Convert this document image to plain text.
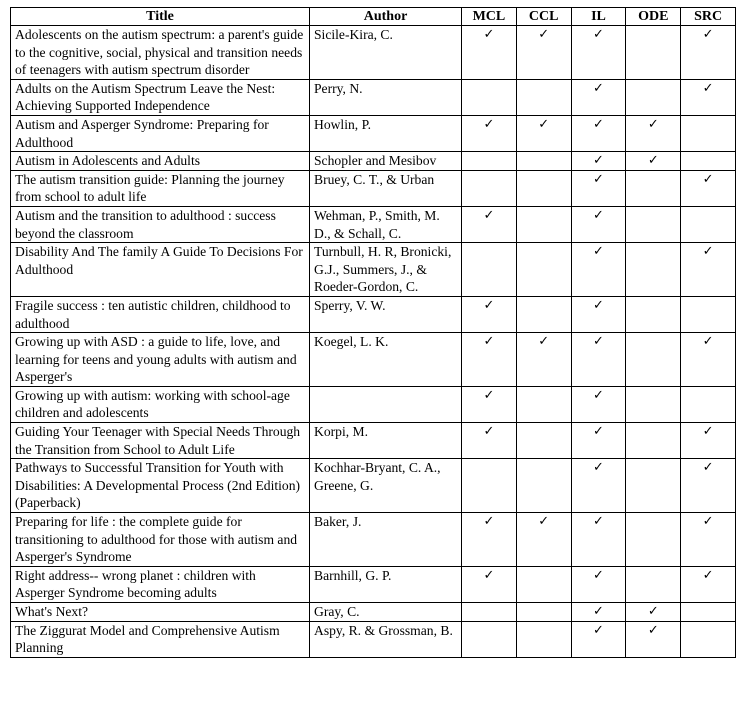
Title	Author	MCL	CCL	IL	ODE	SRC
Adolescents on the autism spectrum: a parent's guide to the cognitive, social, physical and transition needs of teenagers with autism spectrum disorder	Sicile-Kira, C.	✓	✓	✓		✓
Adults on the Autism Spectrum Leave the Nest: Achieving Supported Independence	Perry, N.			✓		✓
Autism and Asperger Syndrome: Preparing for Adulthood	Howlin, P.	✓	✓	✓	✓	
Autism in Adolescents and Adults	Schopler and Mesibov			✓	✓	
The autism transition guide: Planning the journey from school to adult life	Bruey, C. T., & Urban			✓		✓
Autism and the transition to adulthood : success beyond the classroom	Wehman, P., Smith, M. D., & Schall, C.	✓		✓		
Disability And The family A Guide To Decisions For Adulthood	Turnbull, H. R, Bronicki, G.J., Summers, J., & Roeder-Gordon, C.			✓		✓
Fragile success : ten autistic children, childhood to adulthood	Sperry, V. W.	✓		✓		
Growing up with ASD : a guide to life, love, and learning for teens and young adults with autism and Asperger's	Koegel, L. K.	✓	✓	✓		✓
Growing up with autism: working with school-age children and adolescents		✓		✓		
Guiding Your Teenager with Special Needs Through the Transition from School to Adult Life	Korpi, M.	✓		✓		✓
Pathways to Successful Transition for Youth with Disabilities: A Developmental Process (2nd Edition) (Paperback)	Kochhar-Bryant, C. A., Greene, G.			✓		✓
Preparing for life : the complete guide for transitioning to adulthood for those with autism and Asperger's Syndrome	Baker, J.	✓	✓	✓		✓
Right address-- wrong planet : children with Asperger Syndrome becoming adults	Barnhill, G. P.	✓		✓		✓
What's Next?	Gray, C.			✓	✓	
The Ziggurat Model and Comprehensive Autism Planning	Aspy, R. & Grossman, B.			✓	✓	
